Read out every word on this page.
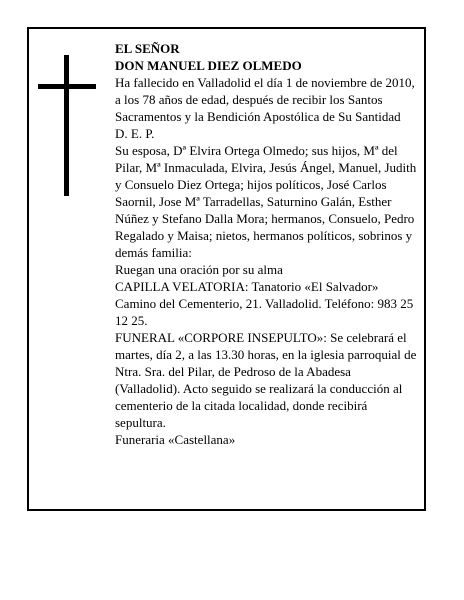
EL SEÑOR

DON MANUEL DIEZ OLMEDO

Ha fallecido en Valladolid el día 1 de noviembre de 2010, a los 78 años de edad, después de recibir los Santos Sacramentos y la Bendición Apostólica de Su Santidad

D. E. P.

Su esposa, Dª Elvira Ortega Olmedo; sus hijos, Mª del Pilar, Mª Inmaculada, Elvira, Jesús Ángel, Manuel, Judith y Consuelo Diez Ortega; hijos políticos, José Carlos Saornil, Jose Mª Tarradellas, Saturnino Galán, Esther Núñez y Stefano Dalla Mora; hermanos, Consuelo, Pedro Regalado y Maisa; nietos, hermanos políticos, sobrinos y demás familia:

Ruegan una oración por su alma

CAPILLA VELATORIA: Tanatorio «El Salvador» Camino del Cementerio, 21. Valladolid. Teléfono: 983 25 12 25.

FUNERAL «CORPORE INSEPULTO»: Se celebrará el martes, día 2, a las 13.30 horas, en la iglesia parroquial de Ntra. Sra. del Pilar, de Pedroso de la Abadesa (Valladolid). Acto seguido se realizará la conducción al cementerio de la citada localidad, donde recibirá sepultura.

Funeraria «Castellana»
